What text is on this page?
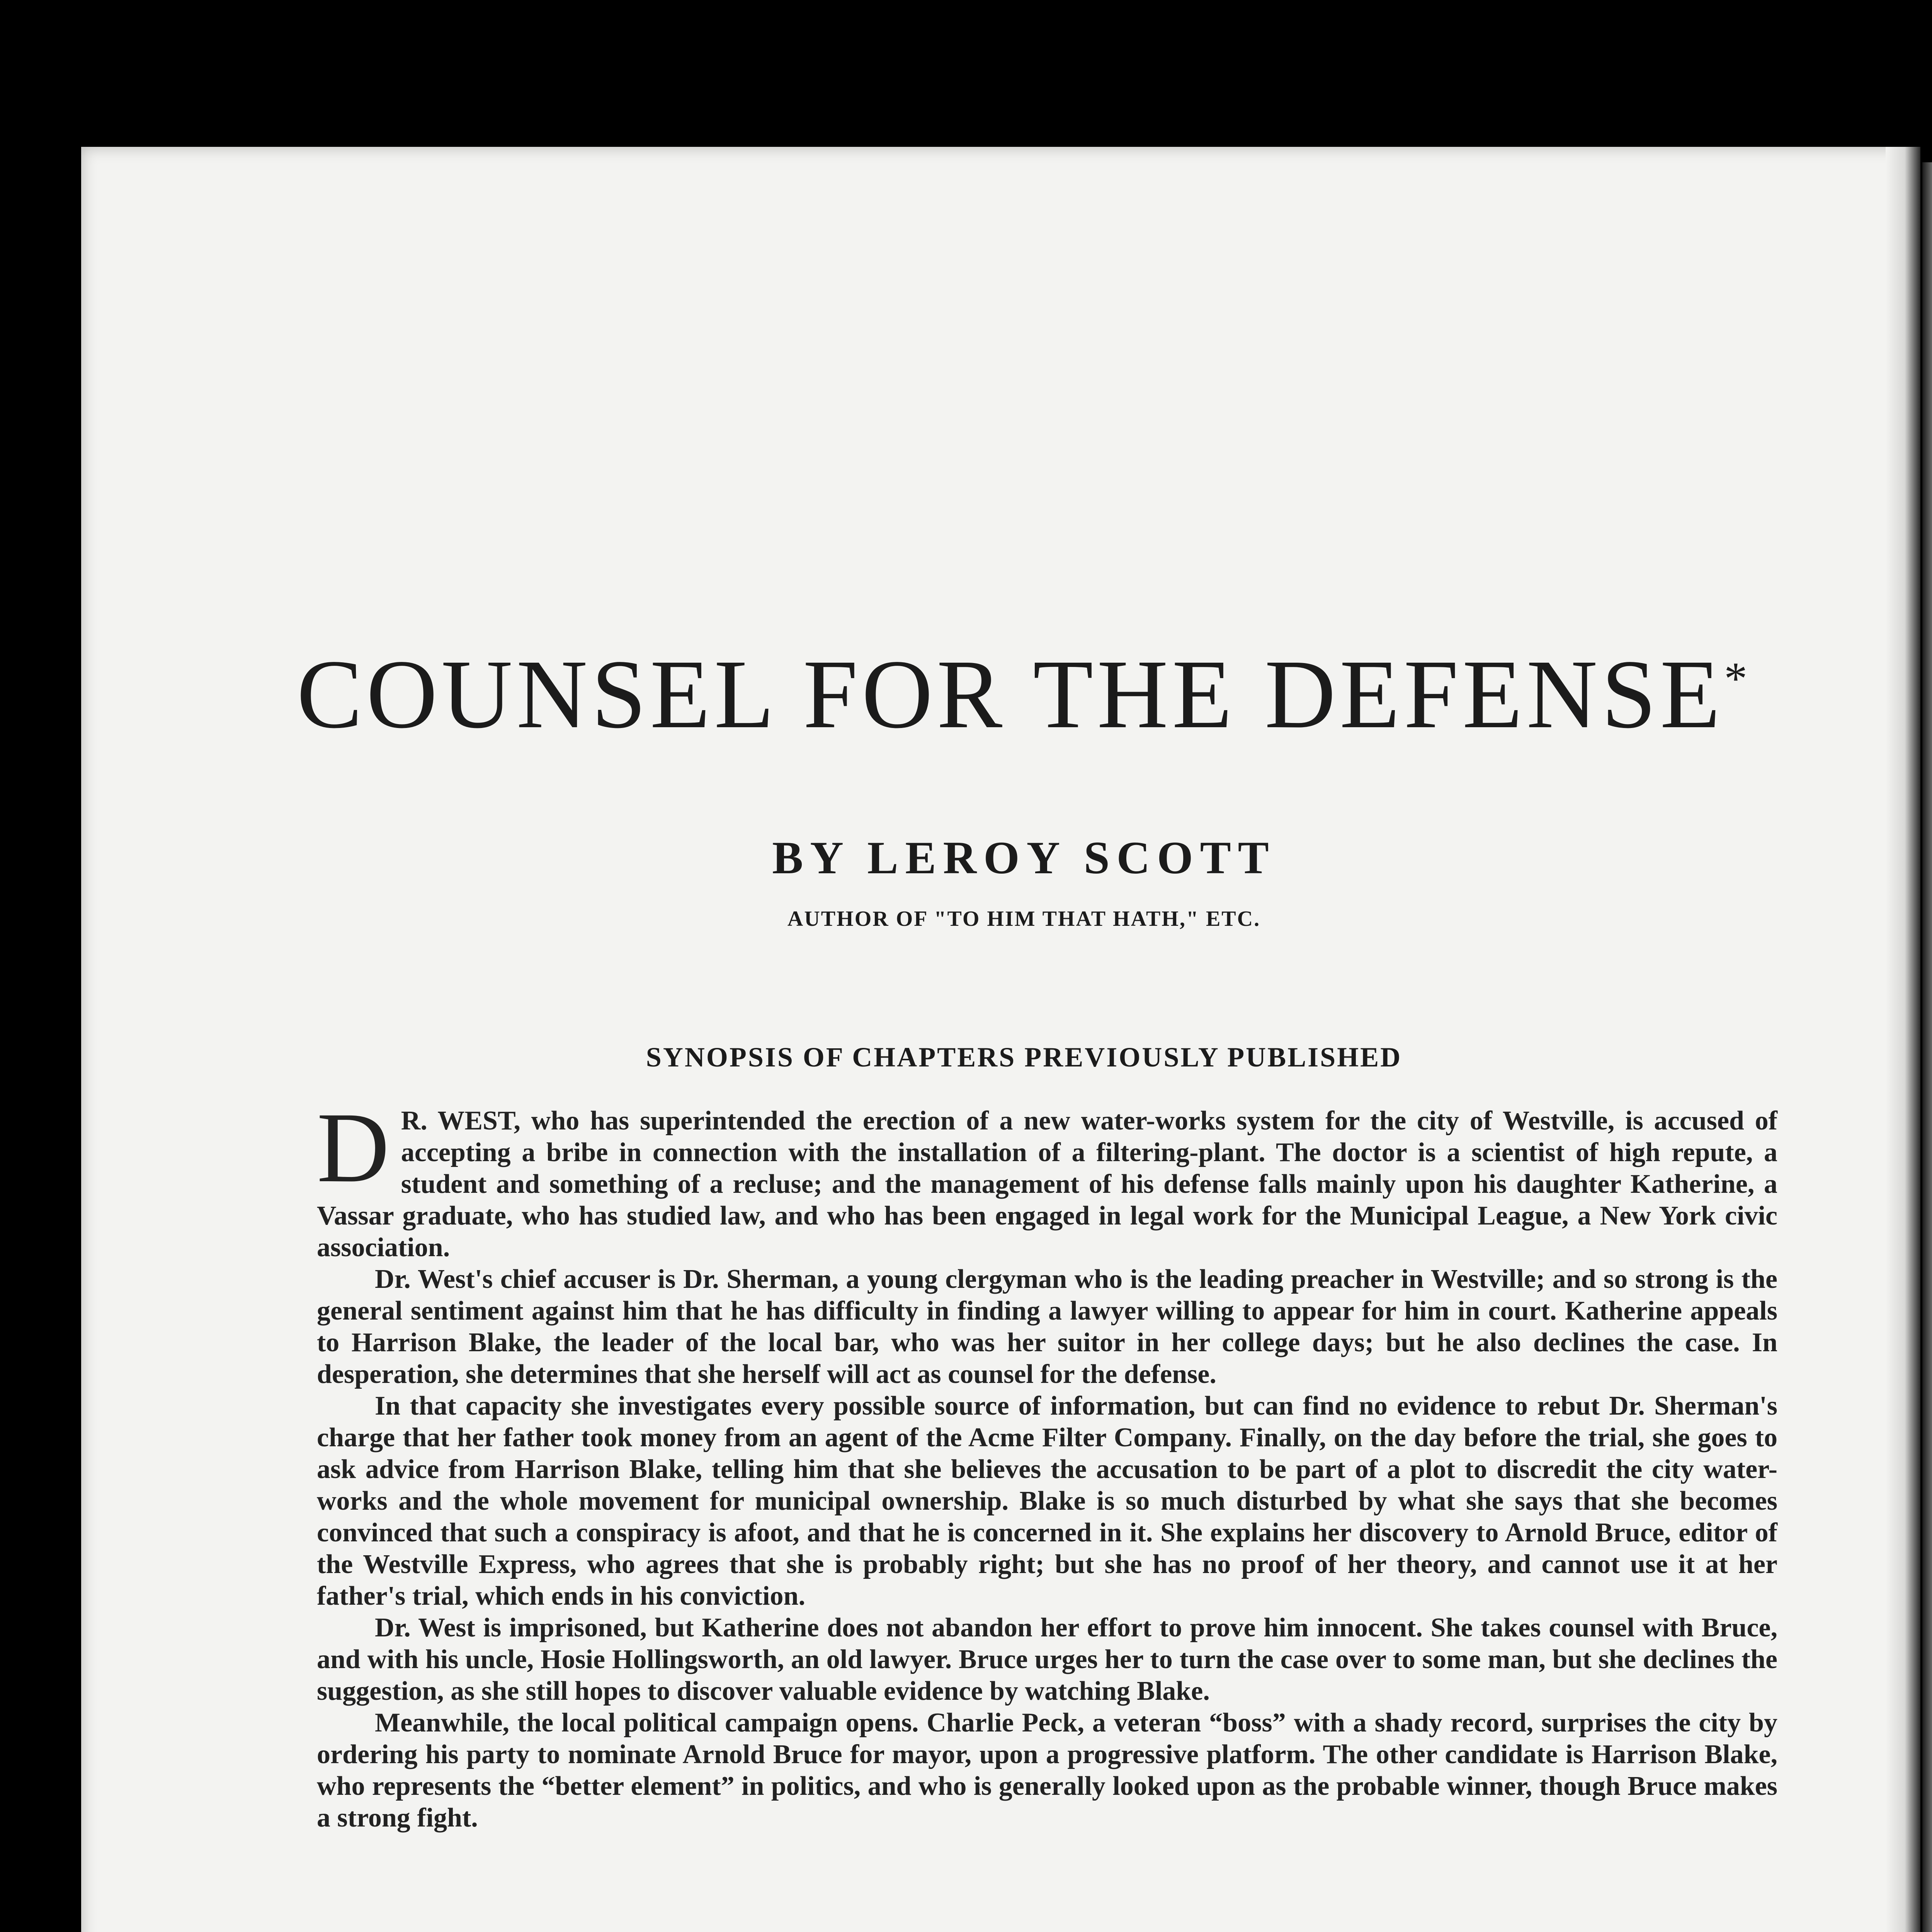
COUNSEL FOR THE DEFENSE*
BY LEROY SCOTT
AUTHOR OF "TO HIM THAT HATH," ETC.
SYNOPSIS OF CHAPTERS PREVIOUSLY PUBLISHED

D R. WEST, who has superintended the erection of a new water-works system for the city of Westville, is accused of accepting a bribe in connection with the installation of a filtering-plant. The doctor is a scientist of high repute, a student and something of a recluse; and the management of his defense falls mainly upon his daughter Katherine, a Vassar graduate, who has studied law, and who has been engaged in legal work for the Municipal League, a New York civic association.

Dr. West's chief accuser is Dr. Sherman, a young clergyman who is the leading preacher in Westville; and so strong is the general sentiment against him that he has difficulty in finding a lawyer willing to appear for him in court. Katherine appeals to Harrison Blake, the leader of the local bar, who was her suitor in her college days; but he also declines the case. In desperation, she determines that she herself will act as counsel for the defense.

In that capacity she investigates every possible source of information, but can find no evidence to rebut Dr. Sherman's charge that her father took money from an agent of the Acme Filter Company. Finally, on the day before the trial, she goes to ask advice from Harrison Blake, telling him that she believes the accusation to be part of a plot to discredit the city water-works and the whole movement for municipal ownership. Blake is so much disturbed by what she says that she becomes convinced that such a conspiracy is afoot, and that he is concerned in it. She explains her discovery to Arnold Bruce, editor of the Westville Express, who agrees that she is probably right; but she has no proof of her theory, and cannot use it at her father's trial, which ends in his conviction.

Dr. West is imprisoned, but Katherine does not abandon her effort to prove him innocent. She takes counsel with Bruce, and with his uncle, Hosie Hollingsworth, an old lawyer. Bruce urges her to turn the case over to some man, but she declines the suggestion, as she still hopes to discover valuable evidence by watching Blake.

Meanwhile, the local political campaign opens. Charlie Peck, a veteran “boss” with a shady record, surprises the city by ordering his party to nominate Arnold Bruce for mayor, upon a progressive platform. The other candidate is Harrison Blake, who represents the “better element” in politics, and who is generally looked upon as the probable winner, though Bruce makes a strong fight.
